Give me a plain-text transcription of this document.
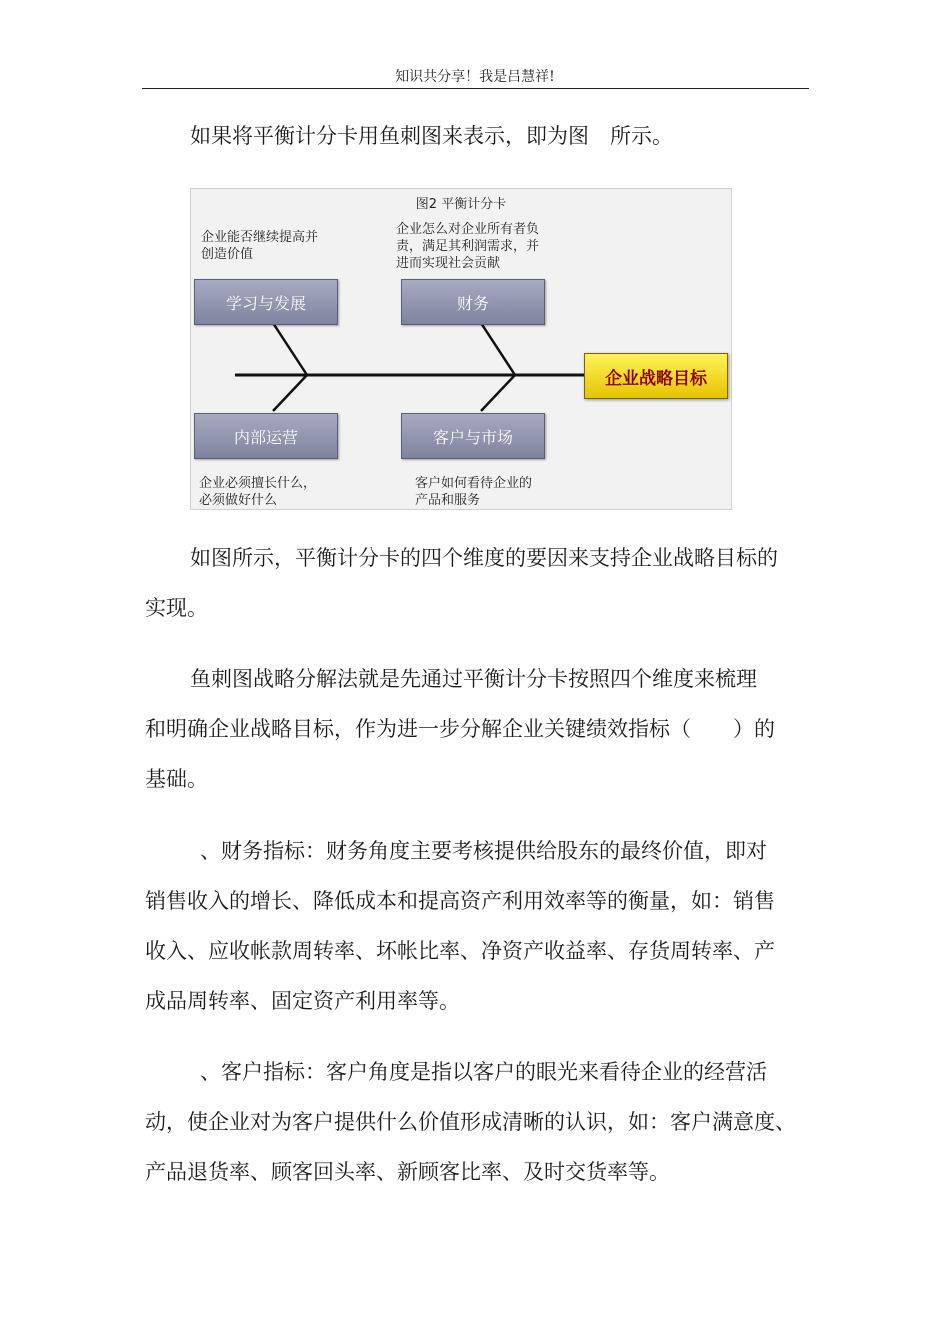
知识共分享！我是吕慧祥!
如果将平衡计分卡用鱼刺图来表示，即为图　所示。
图2 平衡计分卡
企业能否继续提高并
创造价值
企业怎么对企业所有者负
责，满足其利润需求，并
进而实现社会贡献
企业必须擅长什么，
必须做好什么
客户如何看待企业的
产品和服务
学习与发展	财务
内部运营	客户与市场
企业战略目标
如图所示，平衡计分卡的四个维度的要因来支持企业战略目标的
实现。
鱼刺图战略分解法就是先通过平衡计分卡按照四个维度来梳理
和明确企业战略目标，作为进一步分解企业关键绩效指标（　　）的
基础。
、财务指标：财务角度主要考核提供给股东的最终价值，即对
销售收入的增长、降低成本和提高资产利用效率等的衡量，如：销售
收入、应收帐款周转率、坏帐比率、净资产收益率、存货周转率、产
成品周转率、固定资产利用率等。
、客户指标：客户角度是指以客户的眼光来看待企业的经营活
动，使企业对为客户提供什么价值形成清晰的认识，如：客户满意度、
产品退货率、顾客回头率、新顾客比率、及时交货率等。
